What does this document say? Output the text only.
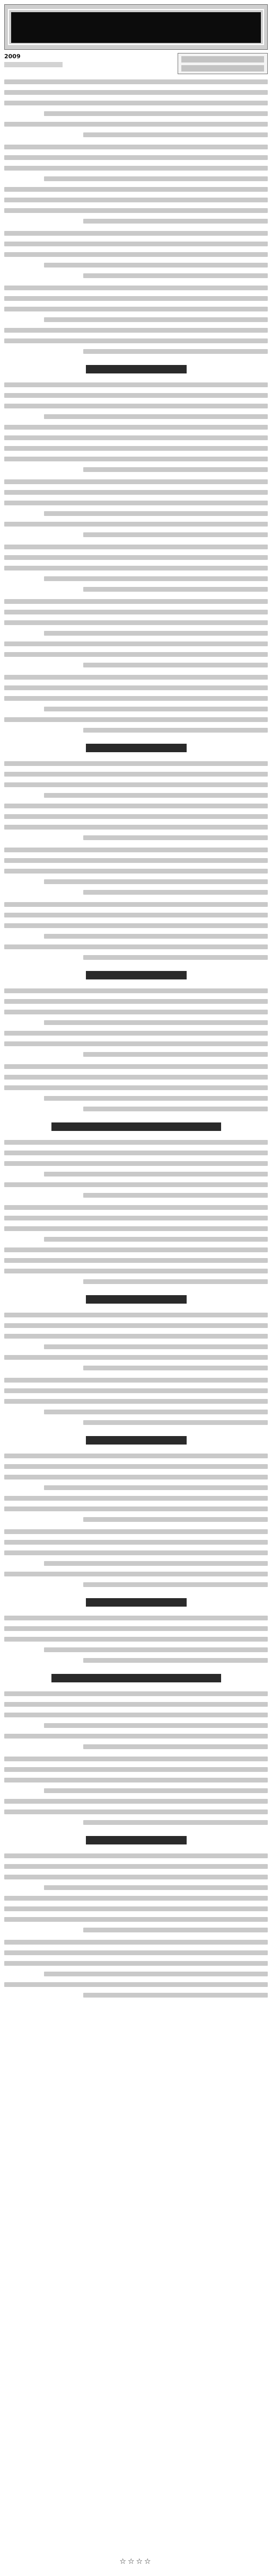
2009
☆☆☆☆
